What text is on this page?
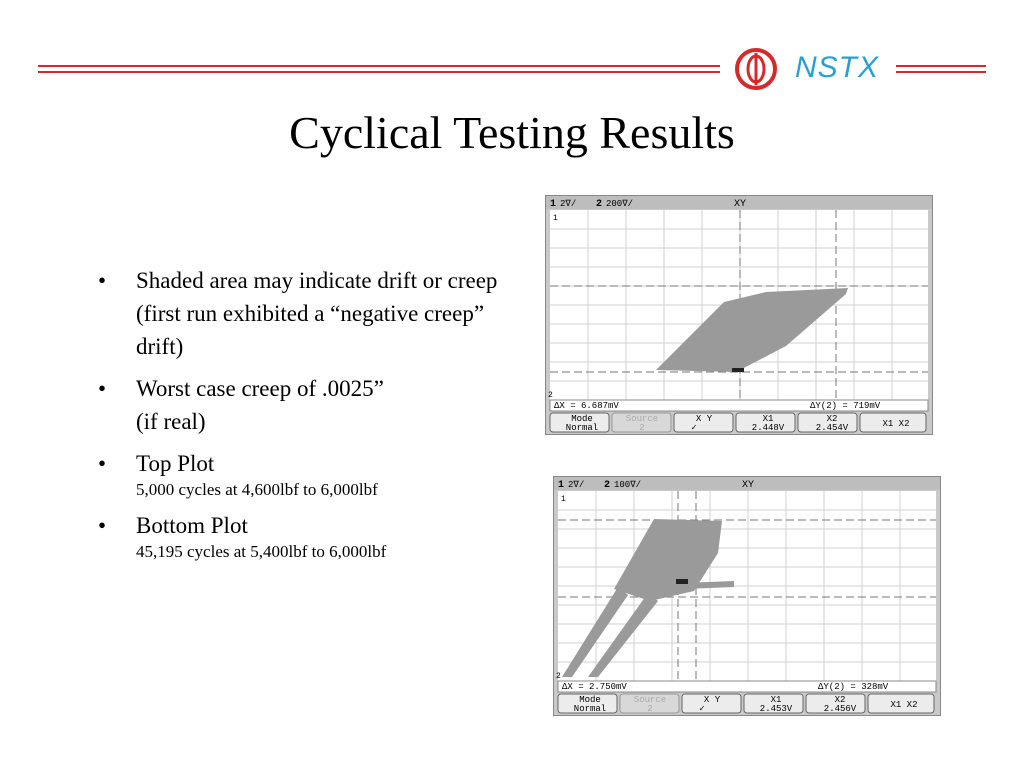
NSTX
Cyclical Testing Results
• Shaded area may indicate drift or creep (first run exhibited a “negative creep” drift)
• Worst case creep of .0025”
(if real)
• Top Plot
5,000 cycles at 4,600lbf to 6,000lbf
• Bottom Plot
45,195 cycles at 5,400lbf to 6,000lbf
1 2∇/ 2 200∇/	XY
1
2
ΔX = 6.687mV	ΔY(2) = 719mV
Mode
Normal
Source
2
X Y
✓
X1
2.448V
X2
2.454V	X1 X2
1 2∇/ 2 100∇/	XY
1
2
ΔX = 2.750mV	ΔY(2) = 328mV
Mode
Normal
Source
2
X Y
✓
X1
2.453V
X2
2.456V	X1 X2
